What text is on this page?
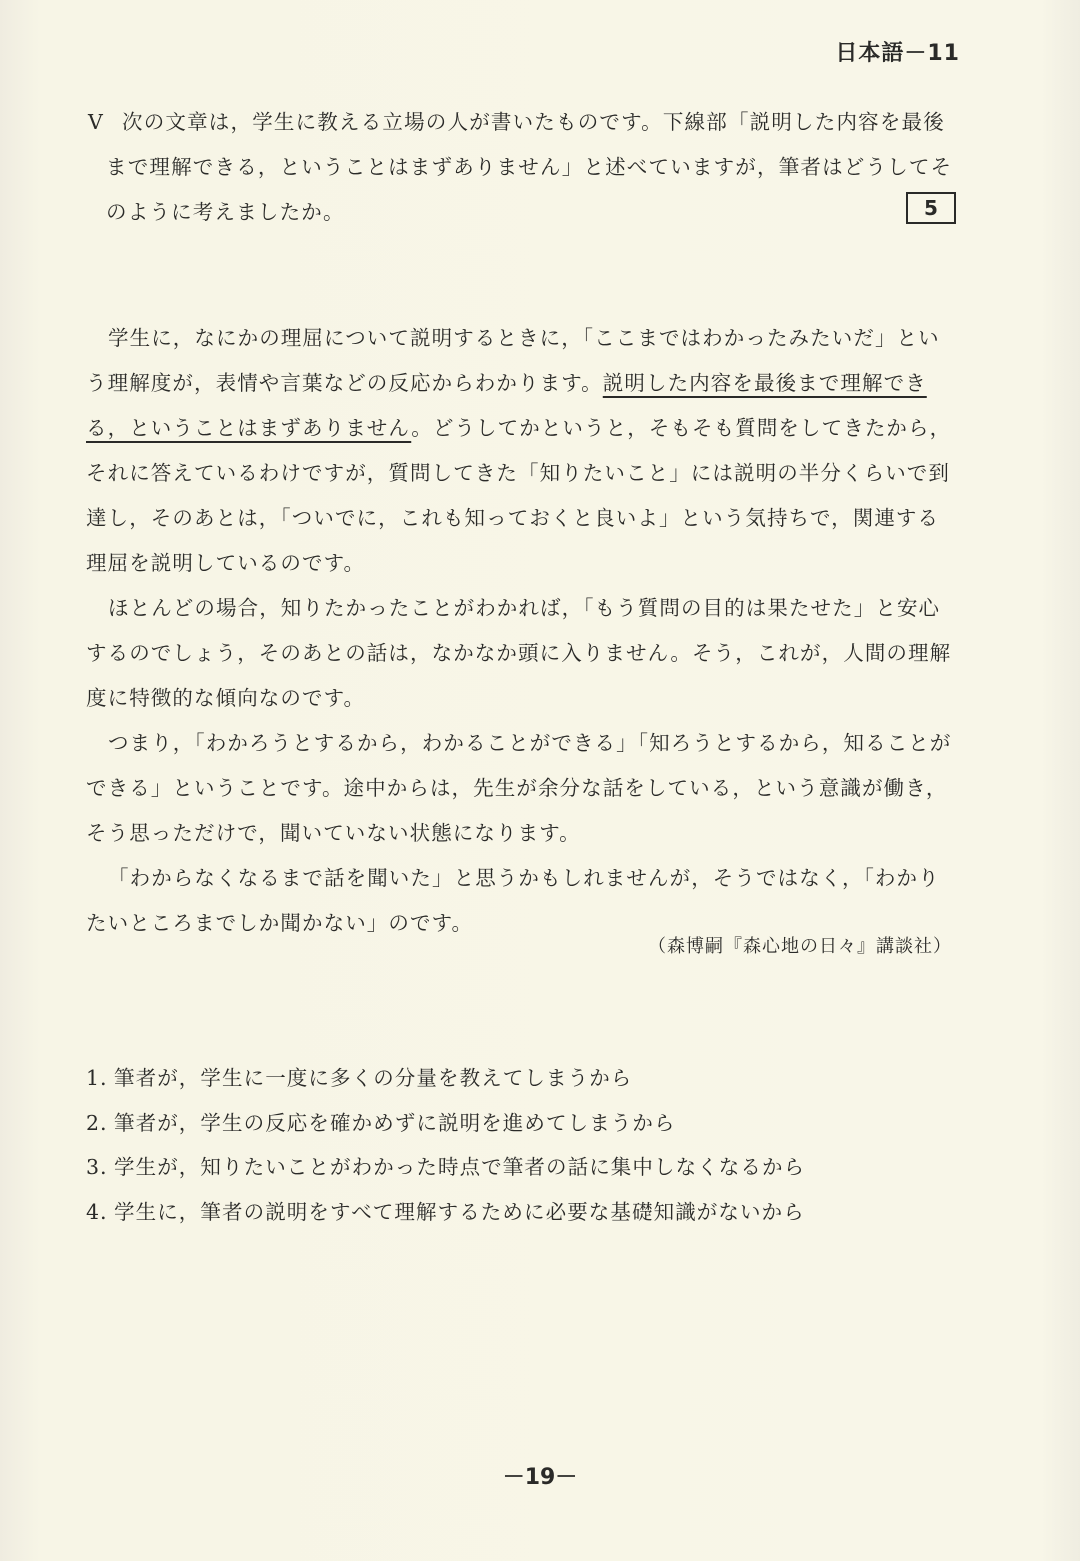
日本語－11
V 次の文章は，学生に教える立場の人が書いたものです。下線部「説明した内容を最後
まで理解できる，ということはまずありません」と述べていますが，筆者はどうしてそ
のように考えましたか。	5

学生に，なにかの理屈について説明するときに，「ここまではわかったみたいだ」という理解度が，表情や言葉などの反応からわかります。説明した内容を最後まで理解できる，ということはまずありません。どうしてかというと，そもそも質問をしてきたから，それに答えているわけですが，質問してきた「知りたいこと」には説明の半分くらいで到達し，そのあとは，「ついでに，これも知っておくと良いよ」という気持ちで，関連する理屈を説明しているのです。

ほとんどの場合，知りたかったことがわかれば，「もう質問の目的は果たせた」と安心するのでしょう，そのあとの話は，なかなか頭に入りません。そう，これが，人間の理解度に特徴的な傾向なのです。

つまり，「わかろうとするから，わかることができる」「知ろうとするから，知ることができる」ということです。途中からは，先生が余分な話をしている，という意識が働き，そう思っただけで，聞いていない状態になります。

「わからなくなるまで話を聞いた」と思うかもしれませんが，そうではなく，「わかりたいところまでしか聞かない」のです。

（森博嗣『森心地の日々』講談社）
1．
筆者が，学生に一度に多くの分量を教えてしまうから
2．
筆者が，学生の反応を確かめずに説明を進めてしまうから
3．
学生が，知りたいことがわかった時点で筆者の話に集中しなくなるから
4．
学生に，筆者の説明をすべて理解するために必要な基礎知識がないから
－19－
